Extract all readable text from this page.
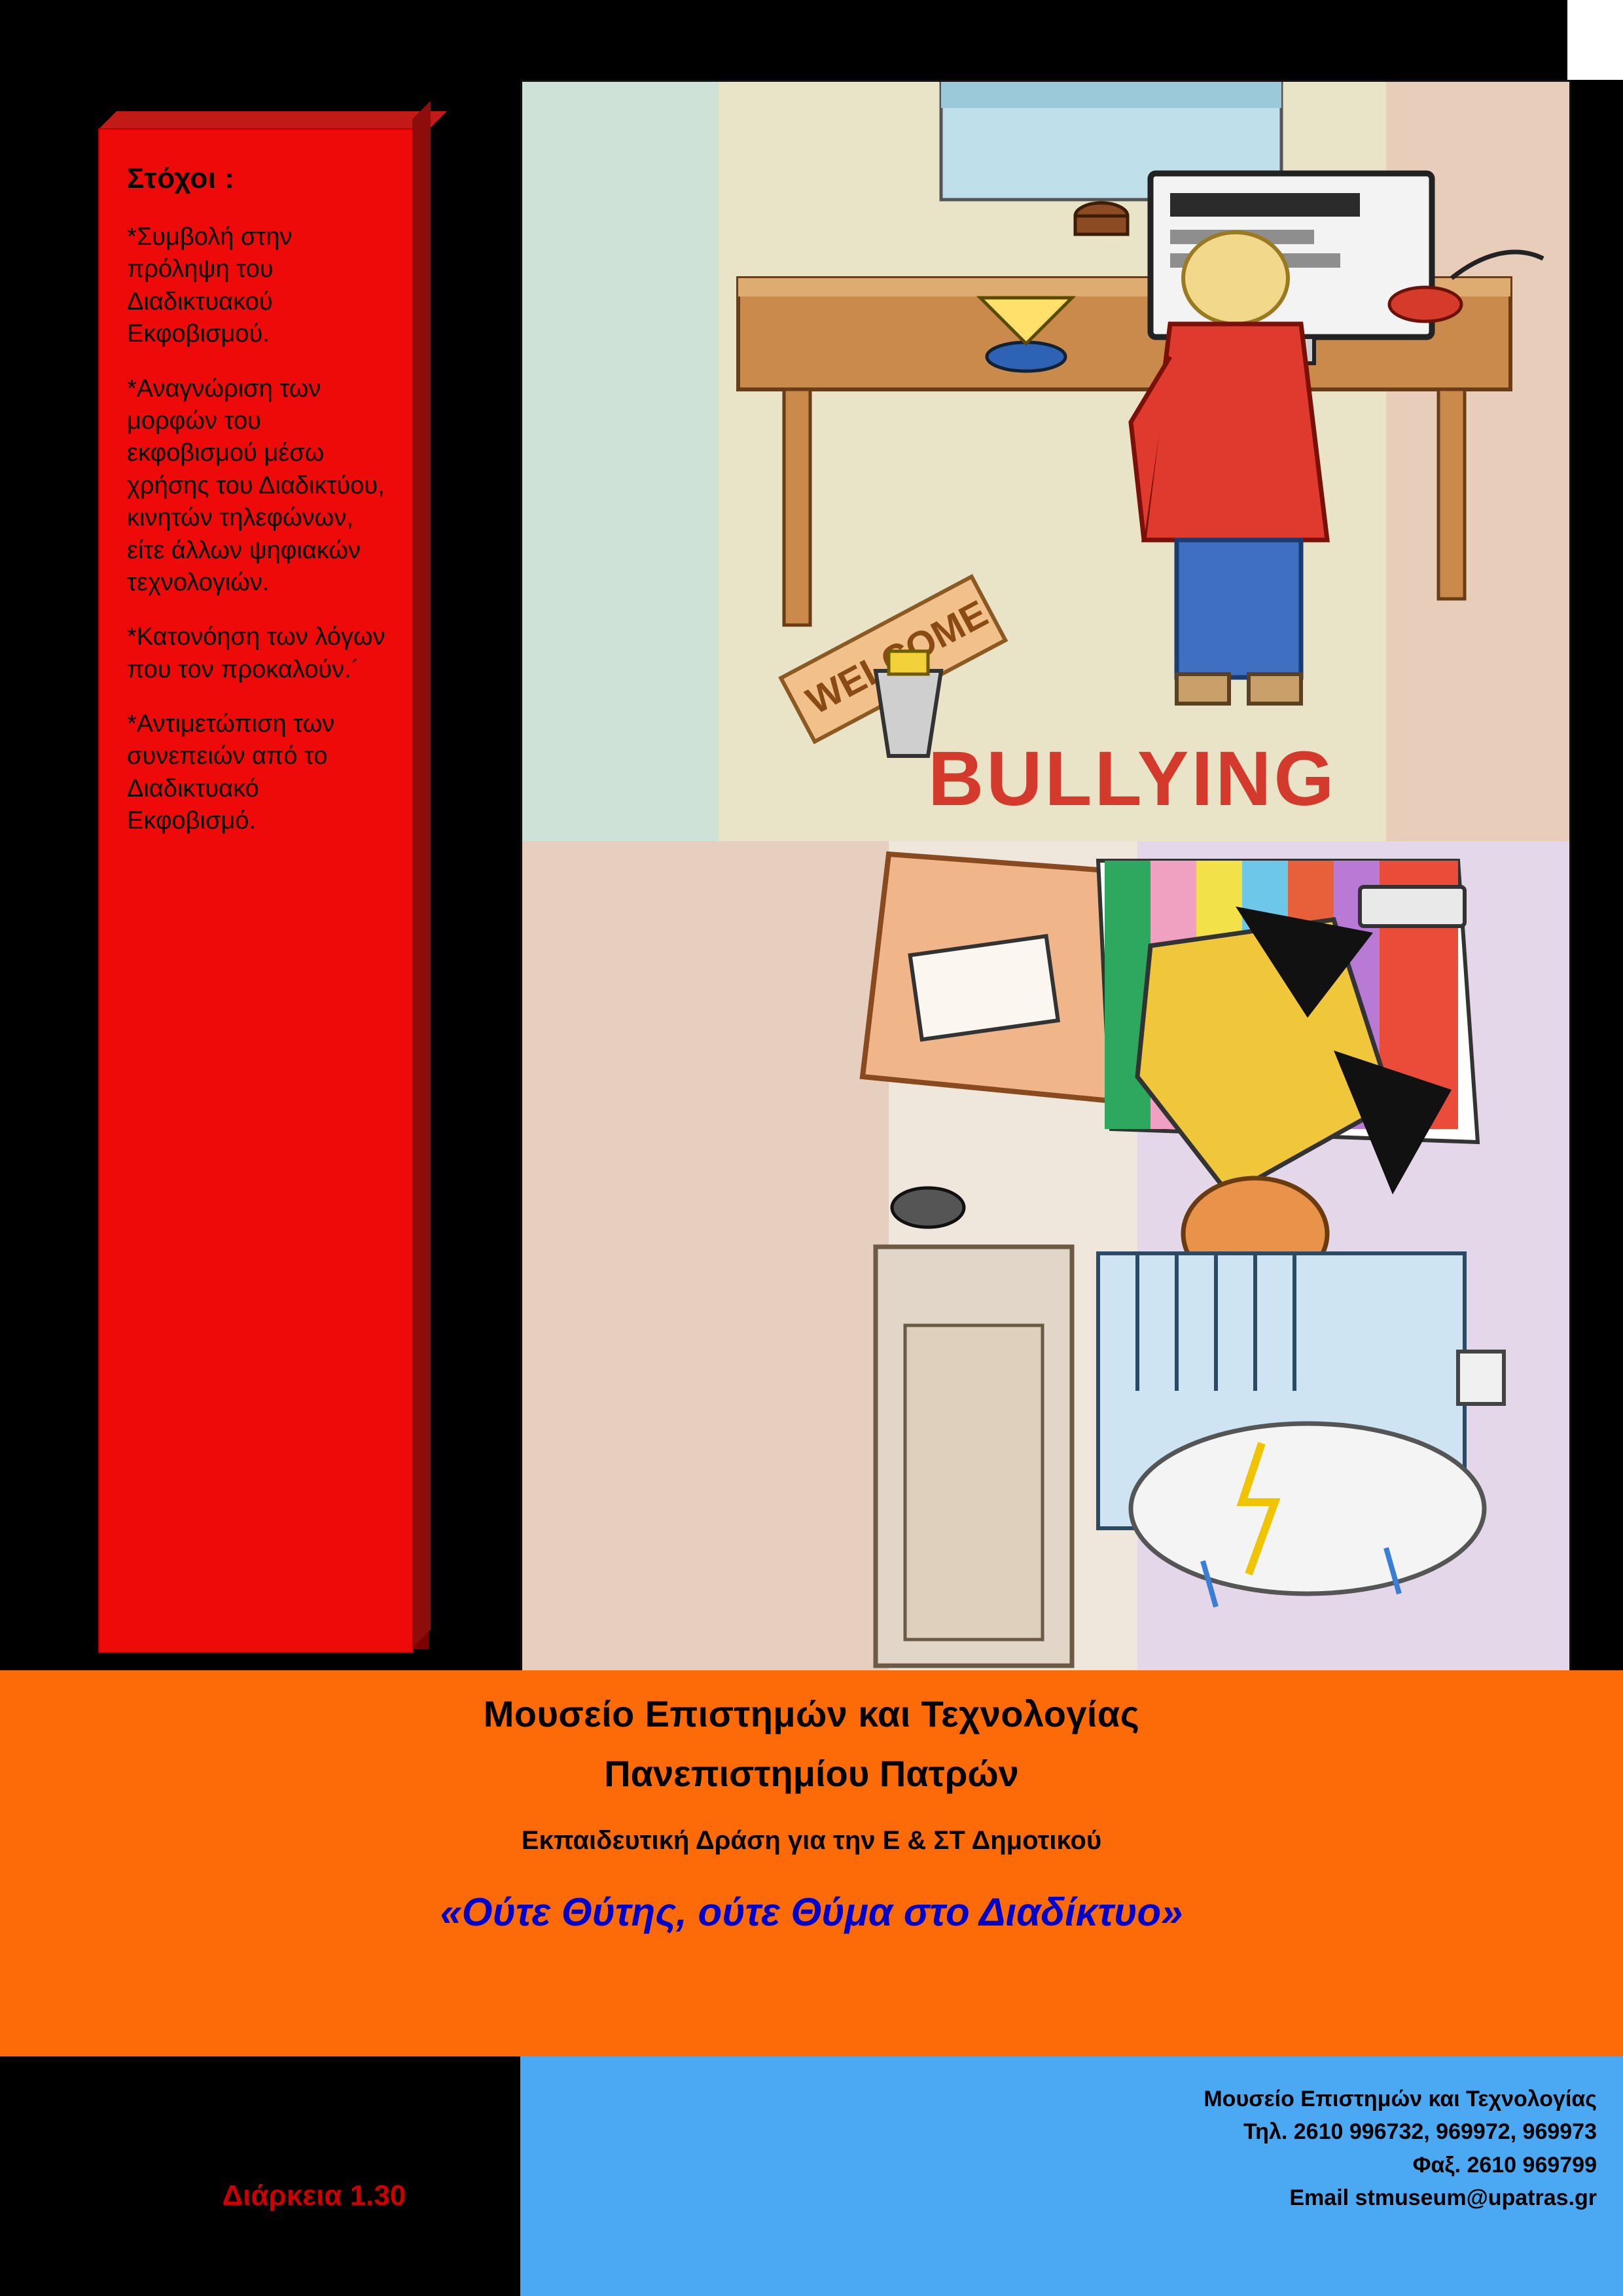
BULLYING
Στόχοι :

*Συμβολή στην πρόληψη του Διαδικτυακού Εκφοβισμού.

*Αναγνώριση των μορφών του εκφοβισμού μέσω χρήσης του Διαδικτύου, κινητών τηλεφώνων, είτε άλλων ψηφιακών τεχνολογιών.

*Κατονόηση των λόγων που τον προκαλούν.´

*Αντιμετώπιση των συνεπειών από το Διαδικτυακό Εκφοβισμό.

Μουσείο Επιστημών και Τεχνολογίας
Πανεπιστημίου Πατρών
Εκπαιδευτική Δράση για την Ε & ΣΤ Δημοτικού
«Ούτε Θύτης, ούτε Θύμα στο Διαδίκτυο»
Διάρκεια 1.30
Μουσείο Επιστημών και Τεχνολογίας
Τηλ. 2610 996732, 969972, 969973
Φαξ. 2610 969799
Email stmuseum@upatras.gr
